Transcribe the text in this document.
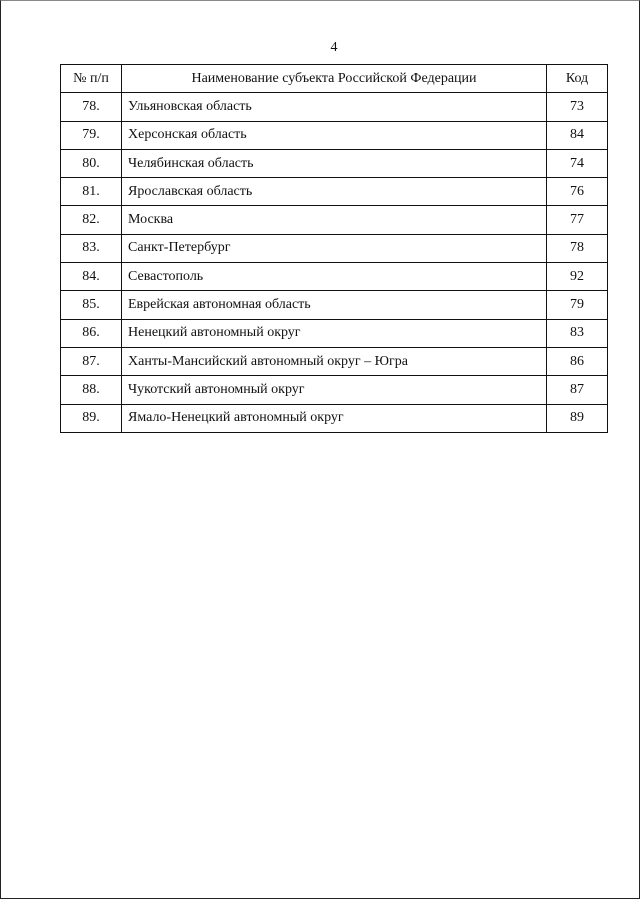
4
№ п/п	Наименование субъекта Российской Федерации	Код
78.	Ульяновская область	73
79.	Херсонская область	84
80.	Челябинская область	74
81.	Ярославская область	76
82.	Москва	77
83.	Санкт-Петербург	78
84.	Севастополь	92
85.	Еврейская автономная область	79
86.	Ненецкий автономный округ	83
87.	Ханты-Мансийский автономный округ – Югра	86
88.	Чукотский автономный округ	87
89.	Ямало-Ненецкий автономный округ	89
